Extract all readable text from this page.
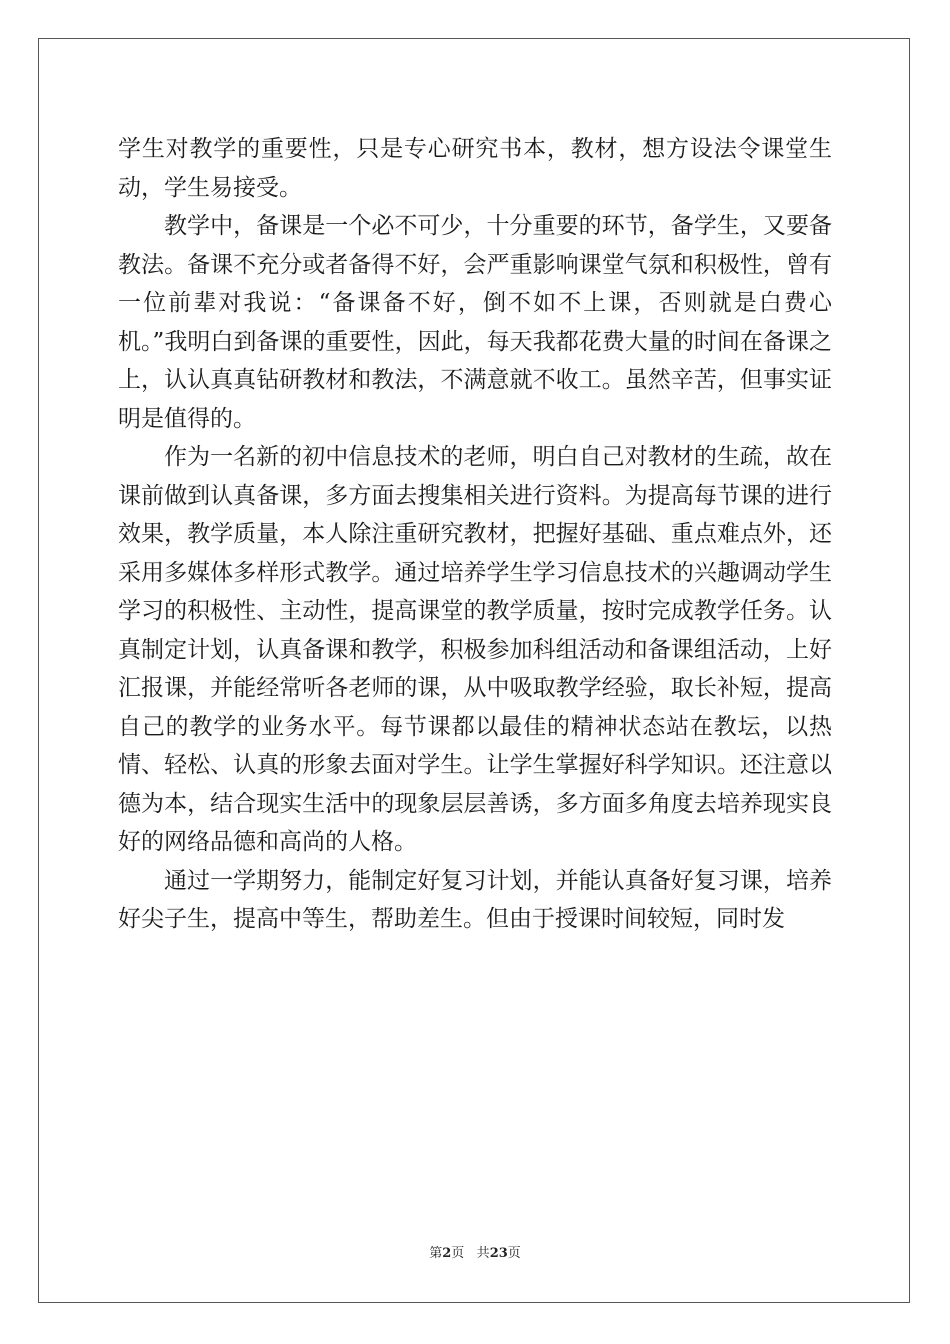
学生对教学的重要性，只是专心研究书本，教材，想方设法令课堂生动，学生易接受。

教学中，备课是一个必不可少，十分重要的环节，备学生，又要备教法。备课不充分或者备得不好，会严重影响课堂气氛和积极性，曾有一位前辈对我说：“备课备不好，倒不如不上课，否则就是白费心机。”我明白到备课的重要性，因此，每天我都花费大量的时间在备课之上，认认真真钻研教材和教法，不满意就不收工。虽然辛苦，但事实证明是值得的。

作为一名新的初中信息技术的老师，明白自己对教材的生疏，故在课前做到认真备课，多方面去搜集相关进行资料。为提高每节课的进行效果，教学质量，本人除注重研究教材，把握好基础、重点难点外，还采用多媒体多样形式教学。通过培养学生学习信息技术的兴趣调动学生学习的积极性、主动性，提高课堂的教学质量，按时完成教学任务。认真制定计划，认真备课和教学，积极参加科组活动和备课组活动，上好汇报课，并能经常听各老师的课，从中吸取教学经验，取长补短，提高自己的教学的业务水平。每节课都以最佳的精神状态站在教坛，以热情、轻松、认真的形象去面对学生。让学生掌握好科学知识。还注意以德为本，结合现实生活中的现象层层善诱，多方面多角度去培养现实良好的网络品德和高尚的人格。

通过一学期努力，能制定好复习计划，并能认真备好复习课，培养好尖子生，提高中等生，帮助差生。但由于授课时间较短，同时发

第2页 共23页
